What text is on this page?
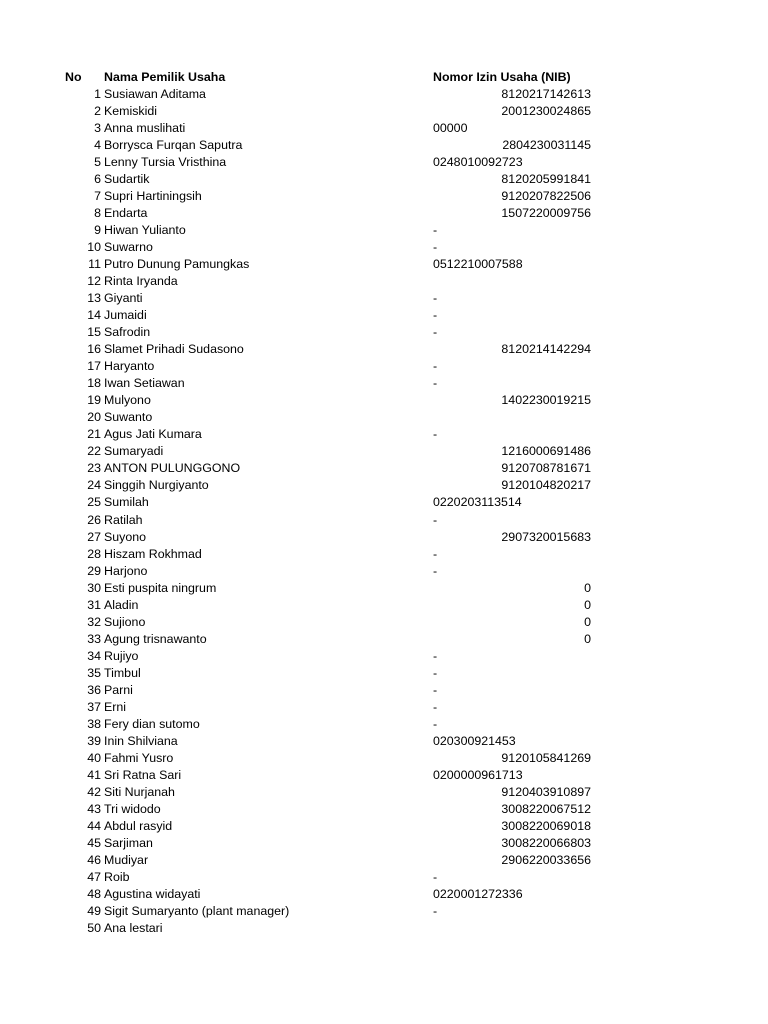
No Nama Pemilik Usaha	Nomor Izin Usaha (NIB)
1 Susiawan Aditama	8120217142613
2 Kemiskidi	2001230024865
3 Anna muslihati	00000
4 Borrysca Furqan Saputra	2804230031145
5 Lenny Tursia Vristhina	0248010092723
6 Sudartik	8120205991841
7 Supri Hartiningsih	9120207822506
8 Endarta	1507220009756
9 Hiwan Yulianto	-
10 Suwarno	-
11 Putro Dunung Pamungkas	0512210007588
12 Rinta Iryanda
13 Giyanti	-
14 Jumaidi	-
15 Safrodin	-
16 Slamet Prihadi Sudasono	8120214142294
17 Haryanto	-
18 Iwan Setiawan	-
19 Mulyono	1402230019215
20 Suwanto
21 Agus Jati Kumara	-
22 Sumaryadi	1216000691486
23 ANTON PULUNGGONO	9120708781671
24 Singgih Nurgiyanto	9120104820217
25 Sumilah	0220203113514
26 Ratilah	-
27 Suyono	2907320015683
28 Hiszam Rokhmad	-
29 Harjono	-
30 Esti puspita ningrum	0
31 Aladin	0
32 Sujiono	0
33 Agung trisnawanto	0
34 Rujiyo	-
35 Timbul	-
36 Parni	-
37 Erni	-
38 Fery dian sutomo	-
39 Inin Shilviana	020300921453
40 Fahmi Yusro	9120105841269
41 Sri Ratna Sari	0200000961713
42 Siti Nurjanah	9120403910897
43 Tri widodo	3008220067512
44 Abdul rasyid	3008220069018
45 Sarjiman	3008220066803
46 Mudiyar	2906220033656
47 Roib	-
48 Agustina widayati	0220001272336
49 Sigit Sumaryanto (plant manager)	-
50 Ana lestari
